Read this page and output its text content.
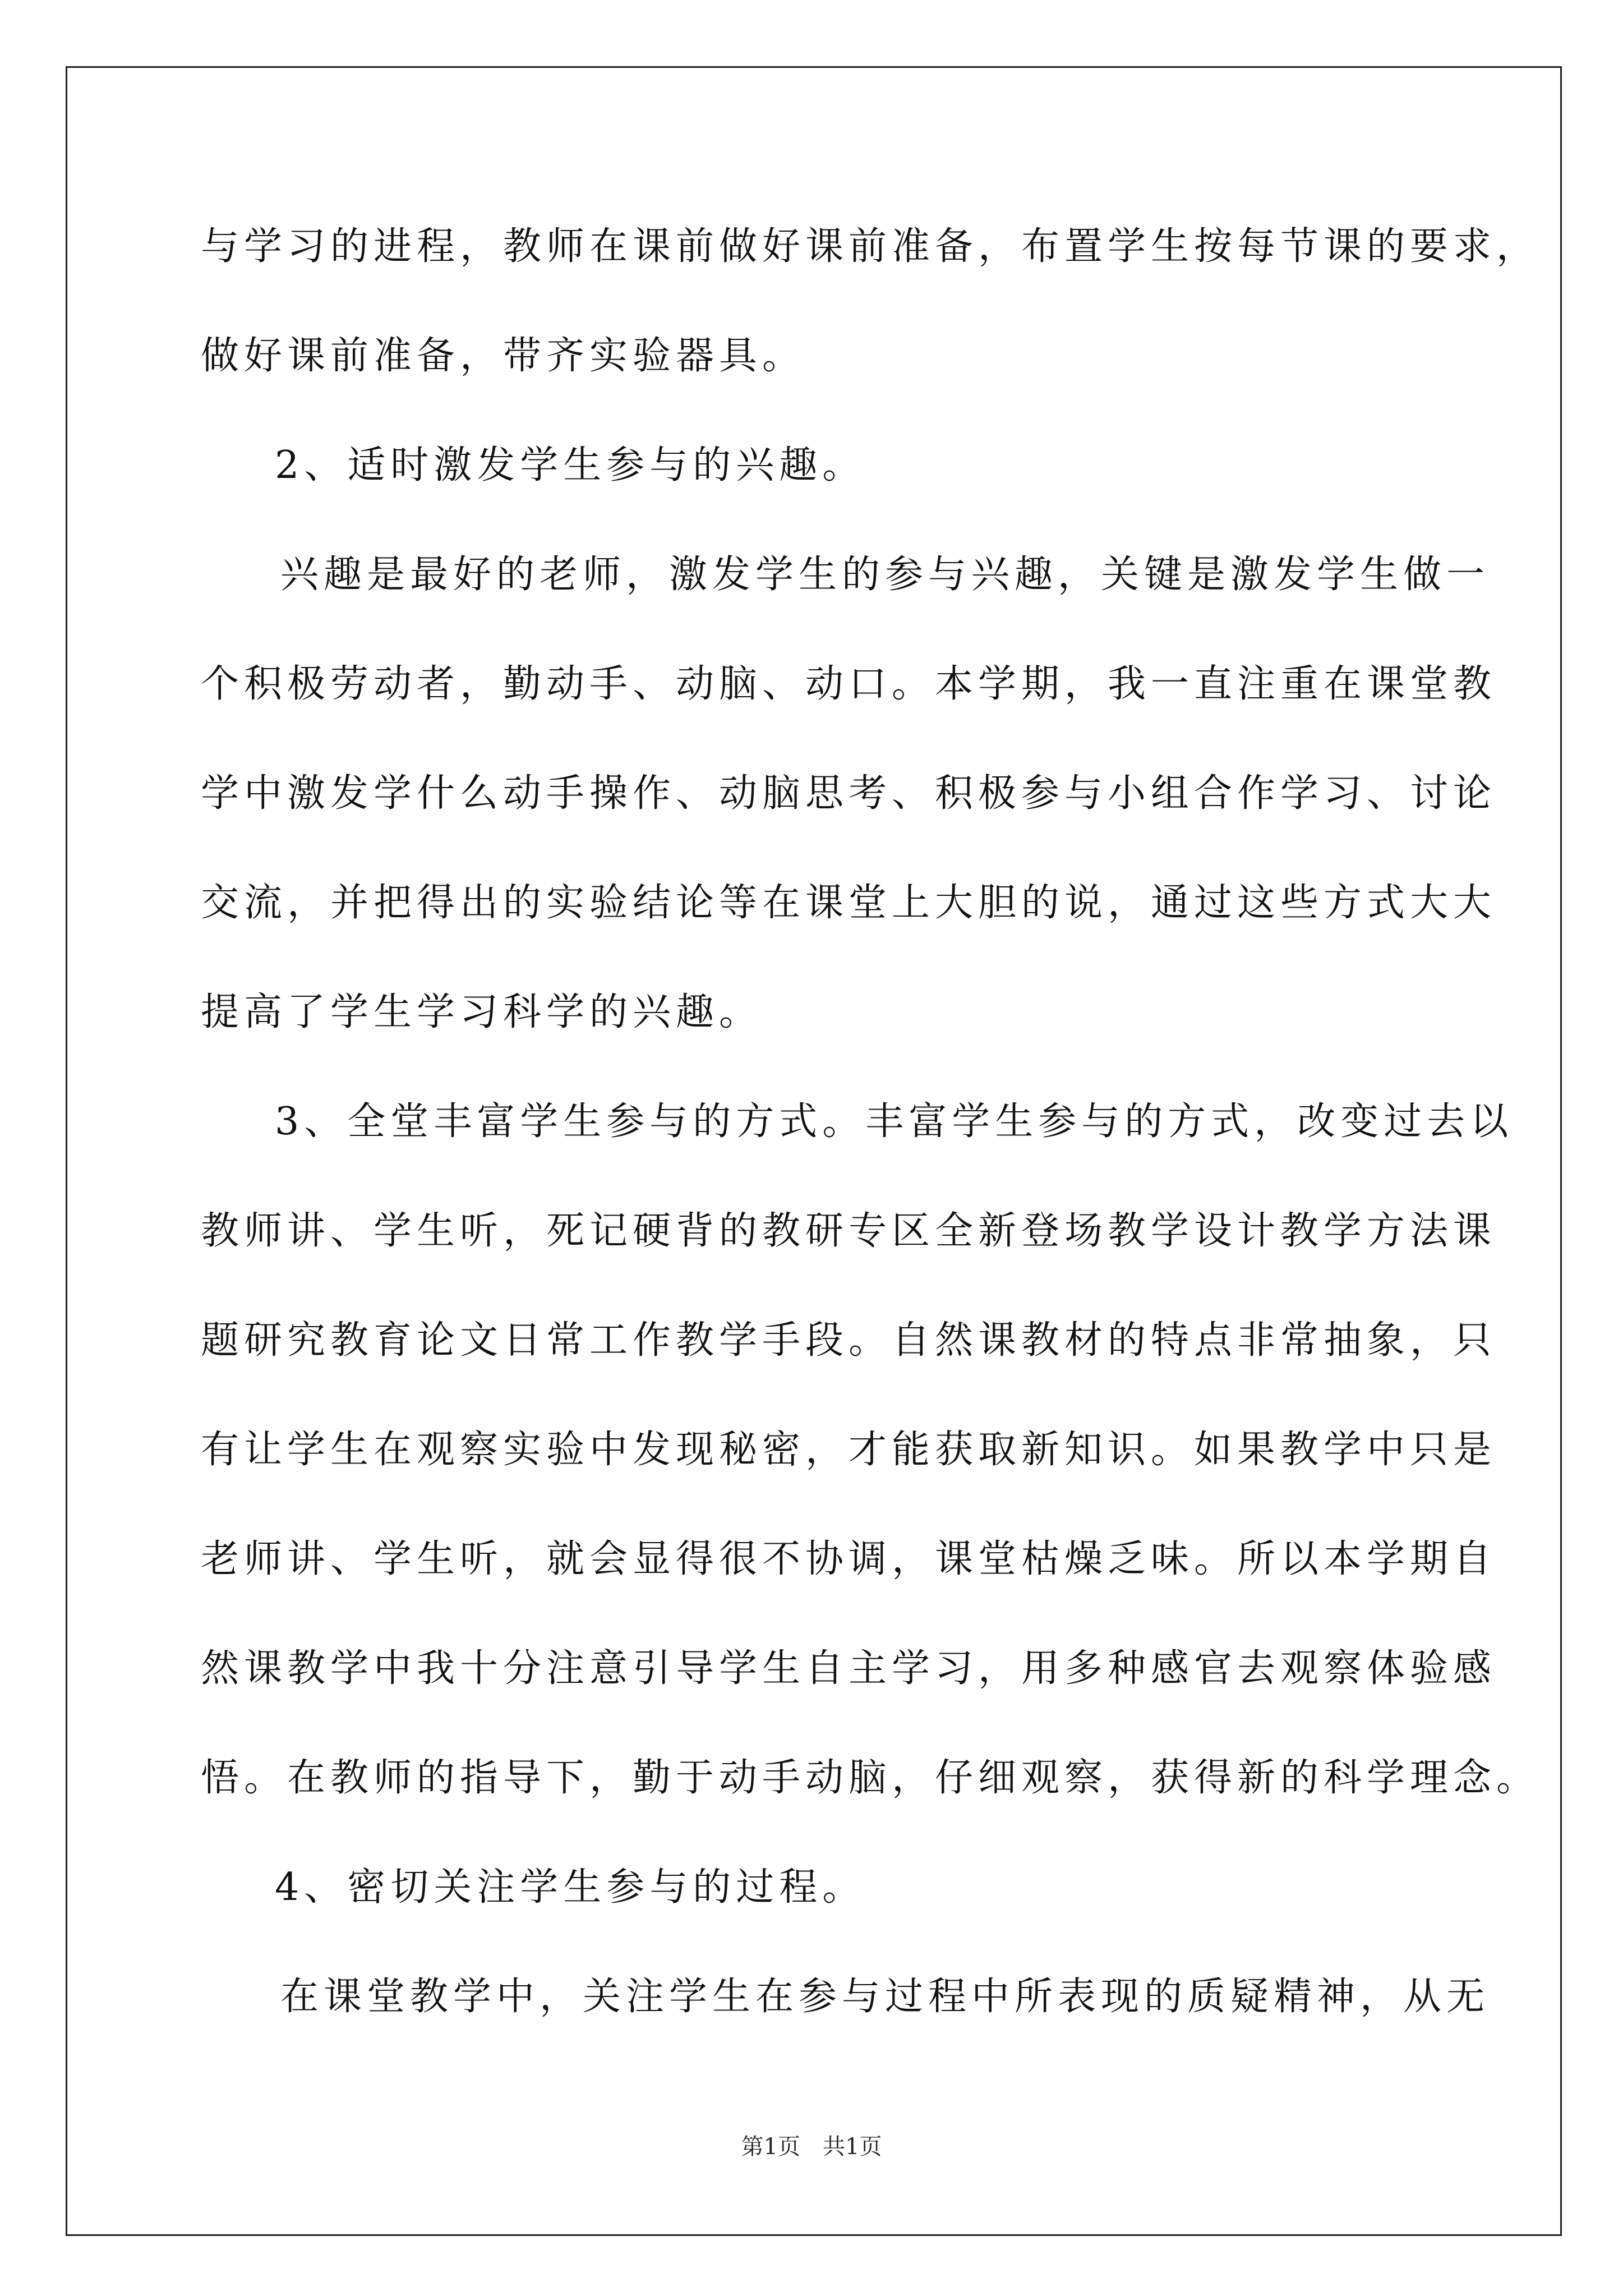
与学习的进程，教师在课前做好课前准备，布置学生按每节课的要求，
做好课前准备，带齐实验器具。
2、适时激发学生参与的兴趣。
兴趣是最好的老师，激发学生的参与兴趣，关键是激发学生做一
个积极劳动者，勤动手、动脑、动口。本学期，我一直注重在课堂教
学中激发学什么动手操作、动脑思考、积极参与小组合作学习、讨论
交流，并把得出的实验结论等在课堂上大胆的说，通过这些方式大大
提高了学生学习科学的兴趣。
3、全堂丰富学生参与的方式。丰富学生参与的方式，改变过去以
教师讲、学生听，死记硬背的教研专区全新登场教学设计教学方法课
题研究教育论文日常工作教学手段。自然课教材的特点非常抽象，只
有让学生在观察实验中发现秘密，才能获取新知识。如果教学中只是
老师讲、学生听，就会显得很不协调，课堂枯燥乏味。所以本学期自
然课教学中我十分注意引导学生自主学习，用多种感官去观察体验感
悟。在教师的指导下，勤于动手动脑，仔细观察，获得新的科学理念。
4、密切关注学生参与的过程。
在课堂教学中，关注学生在参与过程中所表现的质疑精神，从无
第1页　共1页
